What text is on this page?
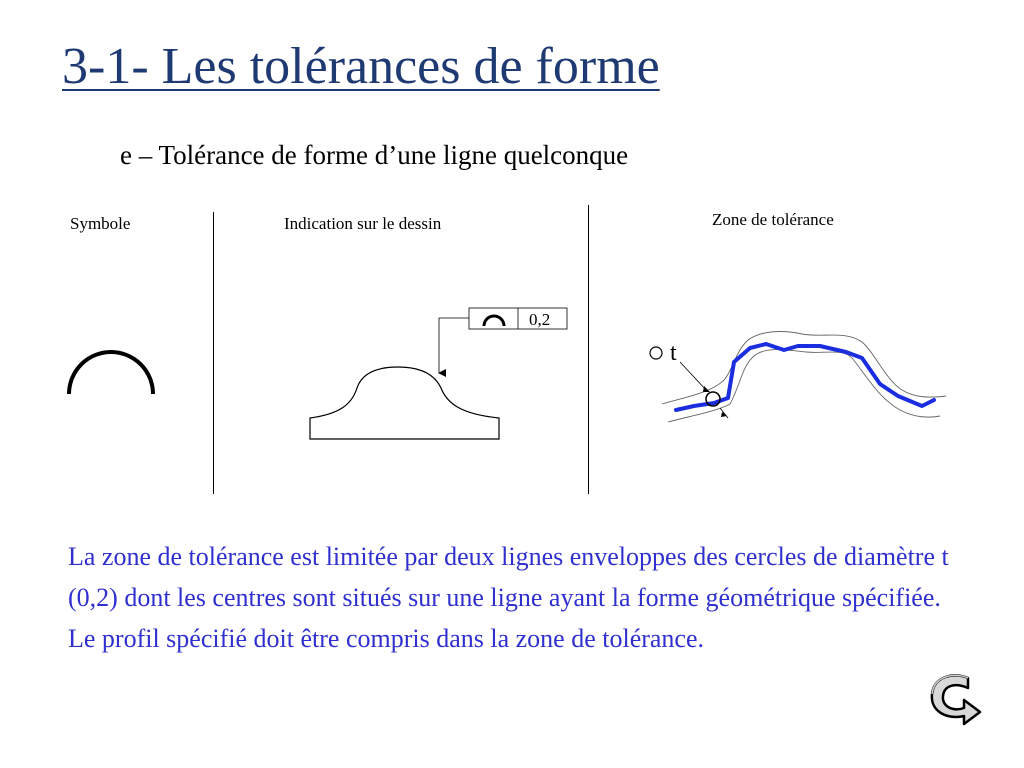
3-1- Les tolérances de forme
e – Tolérance de forme d’une ligne quelconque
Symbole	Indication sur le dessin	Zone de tolérance
0,2
t

La zone de tolérance est limitée par deux lignes enveloppes des cercles de diamètre t (0,2) dont les centres sont situés sur une ligne ayant la forme géométrique spécifiée.

Le profil spécifié doit être compris dans la zone de tolérance.
